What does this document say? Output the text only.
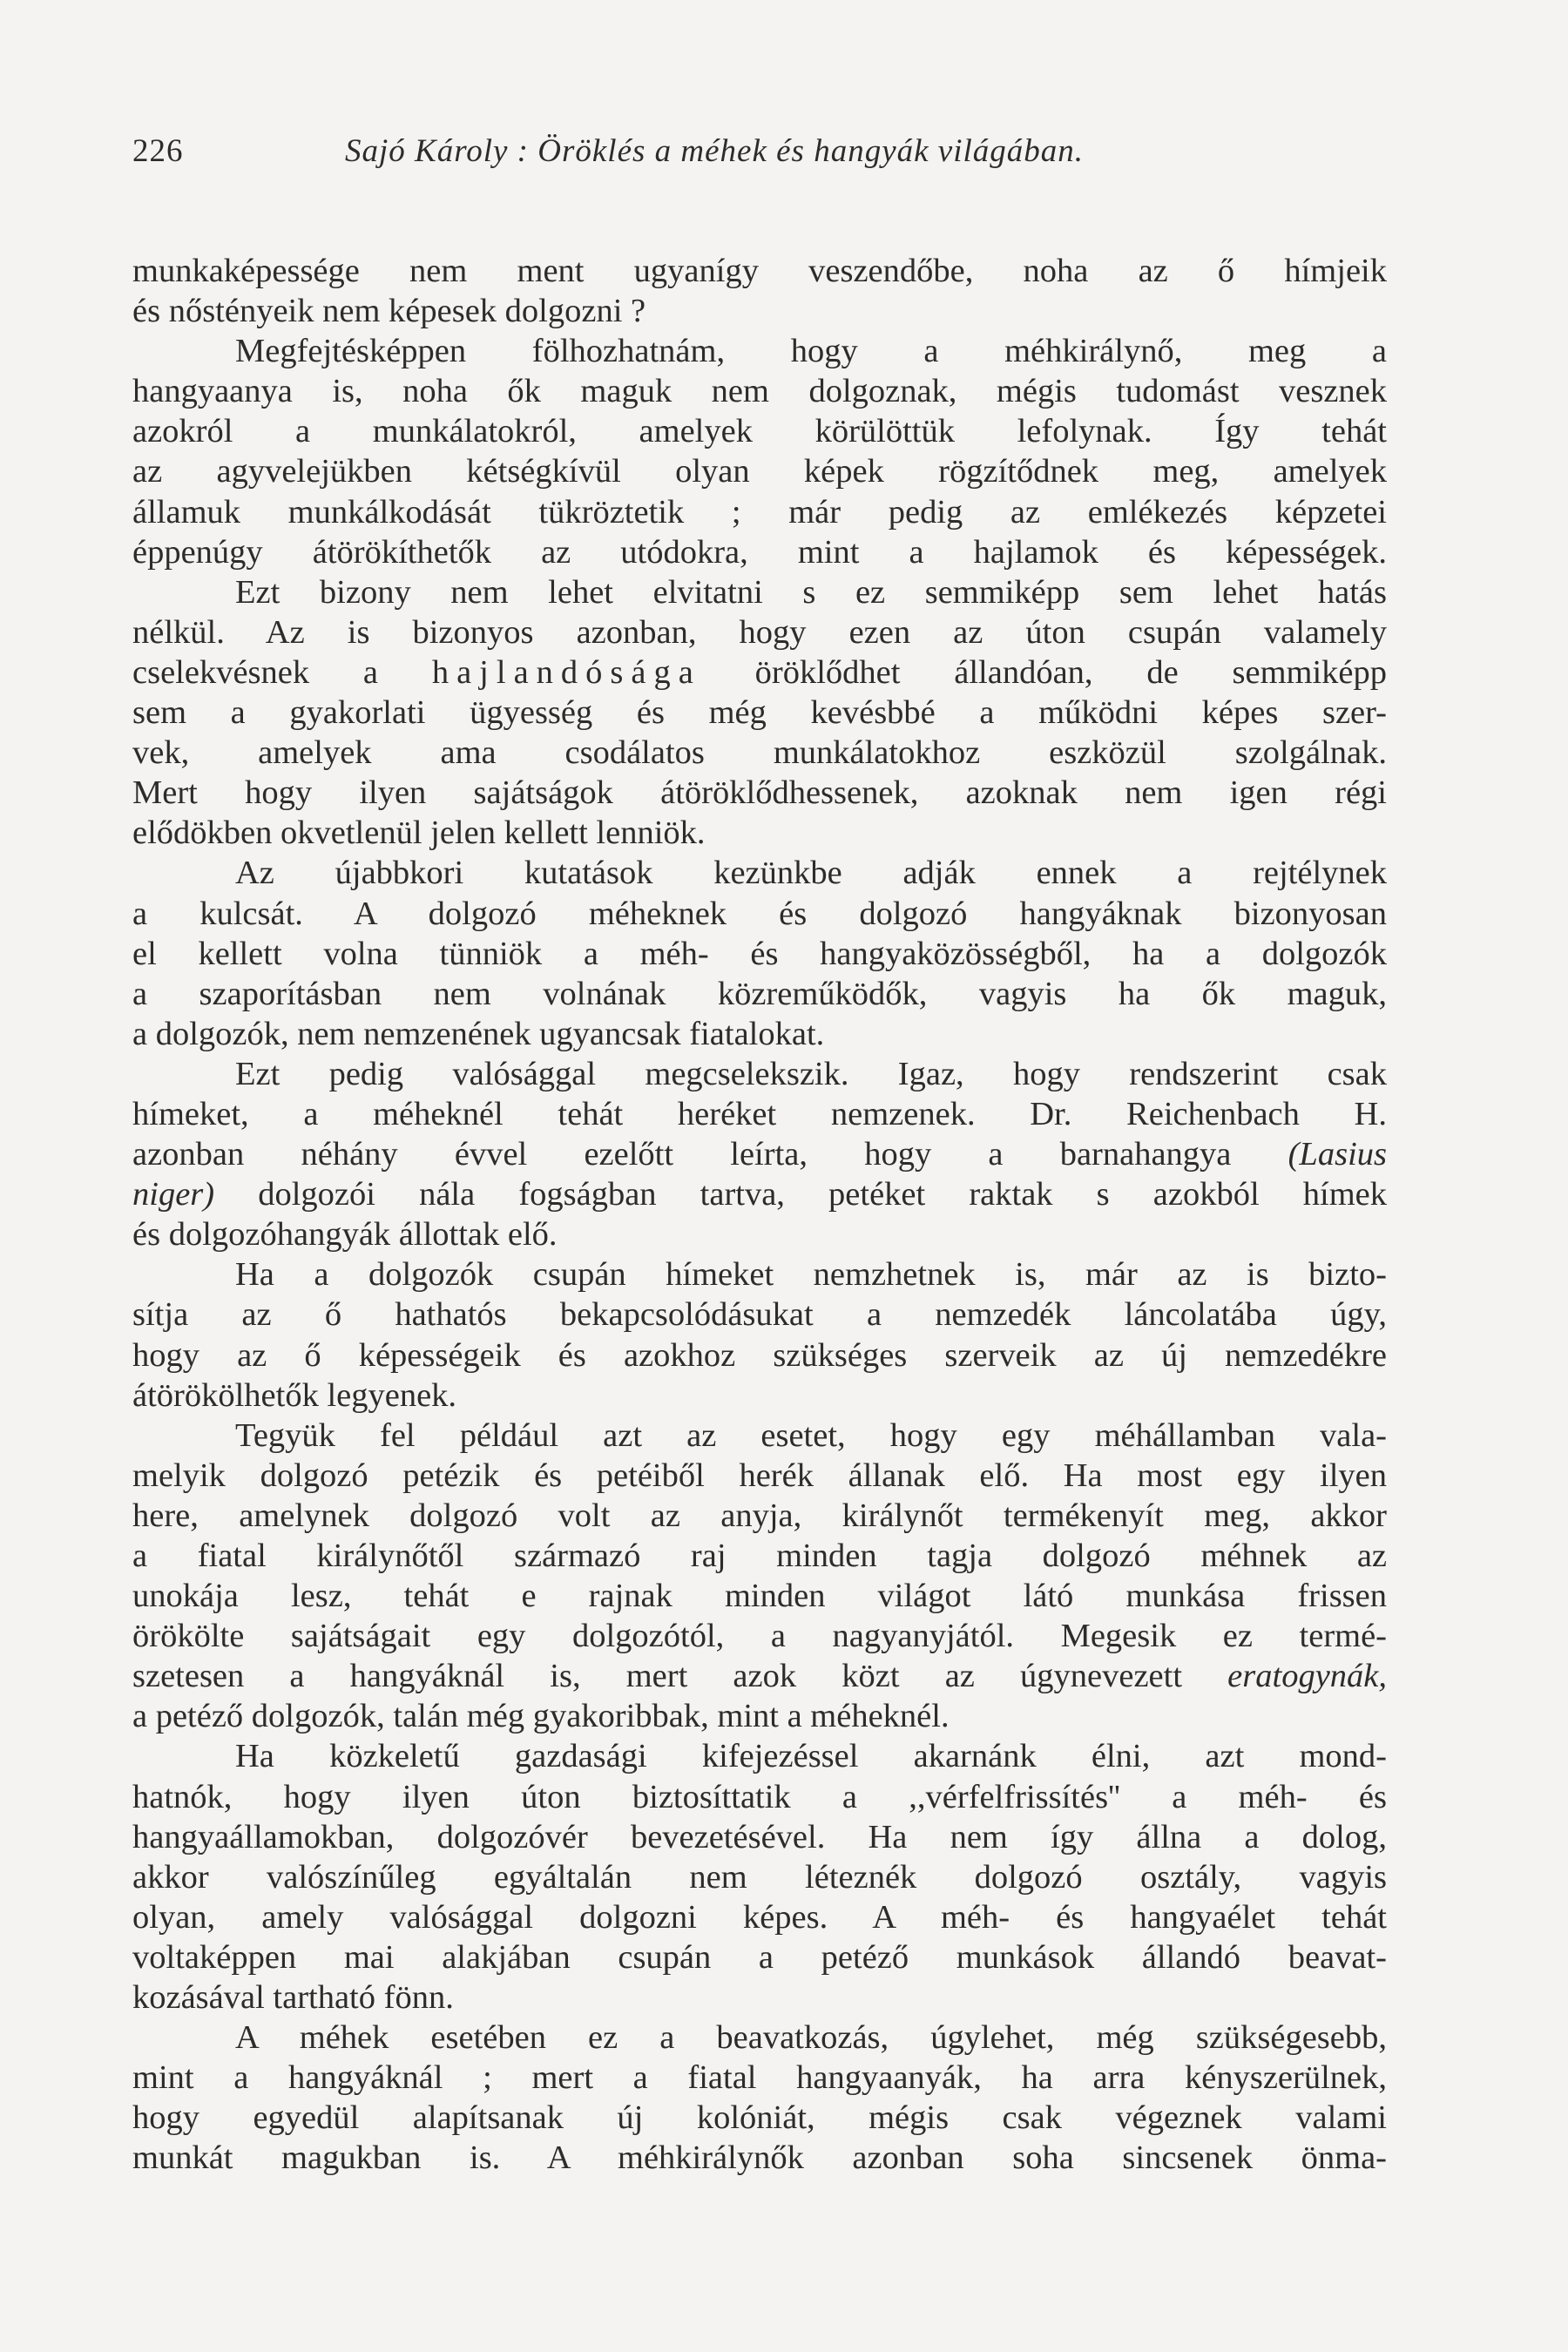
226	Sajó Károly : Öröklés a méhek és hangyák világában.
munkaképessége nem ment ugyanígy veszendőbe, noha az ő hímjeik
és nőstényeik nem képesek dolgozni ?
Megfejtésképpen fölhozhatnám, hogy a méhkirálynő, meg a
hangyaanya is, noha ők maguk nem dolgoznak, mégis tudomást vesznek
azokról a munkálatokról, amelyek körülöttük lefolynak. Így tehát
az agyvelejükben kétségkívül olyan képek rögzítődnek meg, amelyek
államuk munkálkodását tükröztetik ; már pedig az emlékezés képzetei
éppenúgy átörökíthetők az utódokra, mint a hajlamok és képességek.
Ezt bizony nem lehet elvitatni s ez semmiképp sem lehet hatás
nélkül. Az is bizonyos azonban, hogy ezen az úton csupán valamely
cselekvésnek a hajlandósága öröklődhet állandóan, de semmiképp
sem a gyakorlati ügyesség és még kevésbbé a működni képes szer-
vek, amelyek ama csodálatos munkálatokhoz eszközül szolgálnak.
Mert hogy ilyen sajátságok átöröklődhessenek, azoknak nem igen régi
elődökben okvetlenül jelen kellett lenniök.
Az újabbkori kutatások kezünkbe adják ennek a rejtélynek
a kulcsát. A dolgozó méheknek és dolgozó hangyáknak bizonyosan
el kellett volna tünniök a méh- és hangyaközösségből, ha a dolgozók
a szaporításban nem volnának közreműködők, vagyis ha ők maguk,
a dolgozók, nem nemzenének ugyancsak fiatalokat.
Ezt pedig valósággal megcselekszik. Igaz, hogy rendszerint csak
hímeket, a méheknél tehát heréket nemzenek. Dr. Reichenbach H.
azonban néhány évvel ezelőtt leírta, hogy a barnahangya (Lasius
niger) dolgozói nála fogságban tartva, petéket raktak s azokból hímek
és dolgozóhangyák állottak elő.
Ha a dolgozók csupán hímeket nemzhetnek is, már az is bizto-
sítja az ő hathatós bekapcsolódásukat a nemzedék láncolatába úgy,
hogy az ő képességeik és azokhoz szükséges szerveik az új nemzedékre
átörökölhetők legyenek.
Tegyük fel például azt az esetet, hogy egy méhállamban vala-
melyik dolgozó petézik és petéiből herék állanak elő. Ha most egy ilyen
here, amelynek dolgozó volt az anyja, királynőt termékenyít meg, akkor
a fiatal királynőtől származó raj minden tagja dolgozó méhnek az
unokája lesz, tehát e rajnak minden világot látó munkása frissen
örökölte sajátságait egy dolgozótól, a nagyanyjától. Megesik ez termé-
szetesen a hangyáknál is, mert azok közt az úgynevezett eratogynák,
a petéző dolgozók, talán még gyakoribbak, mint a méheknél.
Ha közkeletű gazdasági kifejezéssel akarnánk élni, azt mond-
hatnók, hogy ilyen úton biztosíttatik a ,,vérfelfrissítés'' a méh- és
hangyaállamokban, dolgozóvér bevezetésével. Ha nem így állna a dolog,
akkor valószínűleg egyáltalán nem léteznék dolgozó osztály, vagyis
olyan, amely valósággal dolgozni képes. A méh- és hangyaélet tehát
voltaképpen mai alakjában csupán a petéző munkások állandó beavat-
kozásával tartható fönn.
A méhek esetében ez a beavatkozás, úgylehet, még szükségesebb,
mint a hangyáknál ; mert a fiatal hangyaanyák, ha arra kényszerülnek,
hogy egyedül alapítsanak új kolóniát, mégis csak végeznek valami
munkát magukban is. A méhkirálynők azonban soha sincsenek önma-
